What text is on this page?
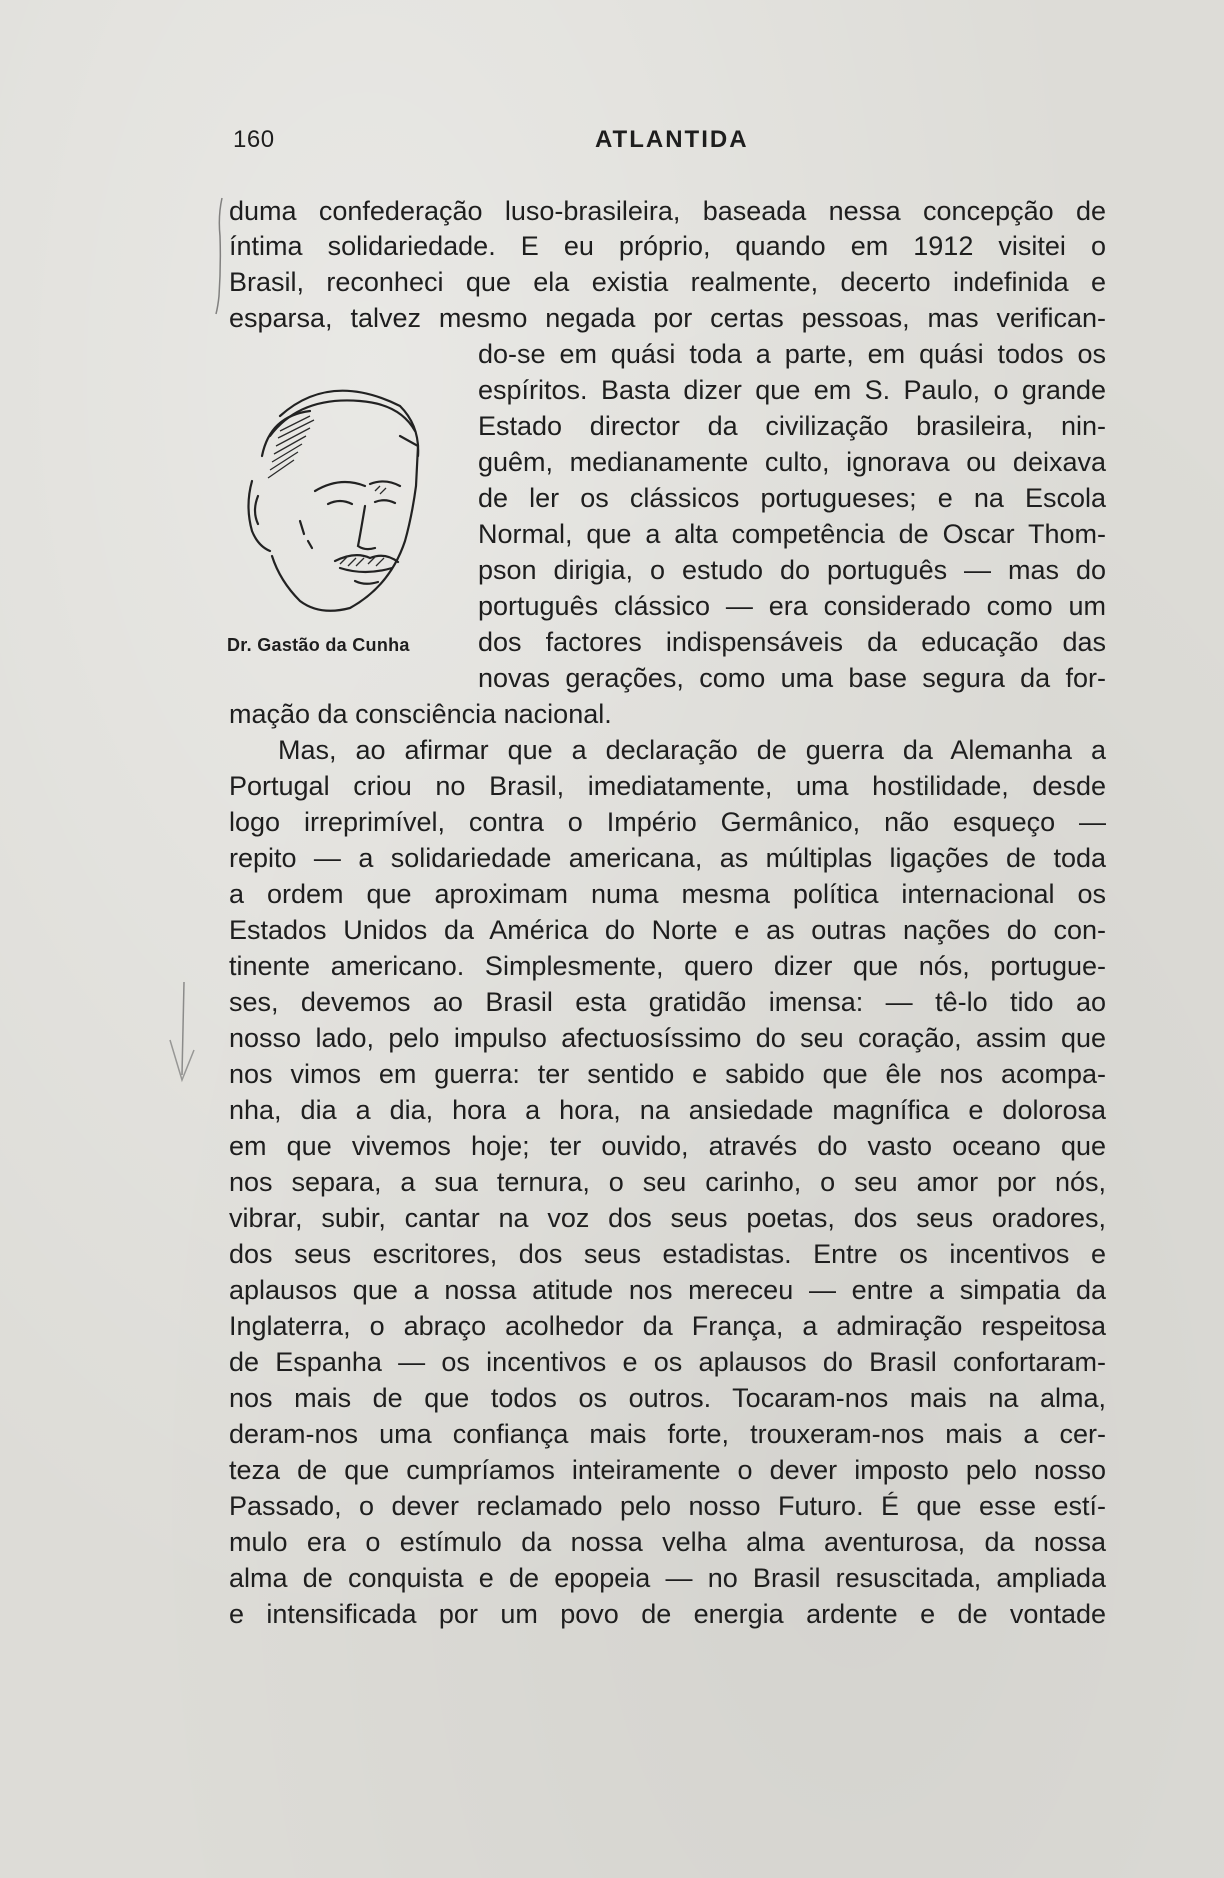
160	ATLANTIDA
Dr. Gastão da Cunha
duma confederação luso-brasileira, baseada nessa concepção de
íntima solidariedade. E eu próprio, quando em 1912 visitei o
Brasil, reconheci que ela existia realmente, decerto indefinida e
esparsa, talvez mesmo negada por certas pessoas, mas verifican-
do-se em quási toda a parte, em quási todos os
espíritos. Basta dizer que em S. Paulo, o grande
Estado director da civilização brasileira, nin-
guêm, medianamente culto, ignorava ou deixava
de ler os clássicos portugueses; e na Escola
Normal, que a alta competência de Oscar Thom-
pson dirigia, o estudo do português — mas do
português clássico — era considerado como um
dos factores indispensáveis da educação das
novas gerações, como uma base segura da for-
mação da consciência nacional.
Mas, ao afirmar que a declaração de guerra da Alemanha a
Portugal criou no Brasil, imediatamente, uma hostilidade, desde
logo irreprimível, contra o Império Germânico, não esqueço —
repito — a solidariedade americana, as múltiplas ligações de toda
a ordem que aproximam numa mesma política internacional os
Estados Unidos da América do Norte e as outras nações do con-
tinente americano. Simplesmente, quero dizer que nós, portugue-
ses, devemos ao Brasil esta gratidão imensa: — tê-lo tido ao
nosso lado, pelo impulso afectuosíssimo do seu coração, assim que
nos vimos em guerra: ter sentido e sabido que êle nos acompa-
nha, dia a dia, hora a hora, na ansiedade magnífica e dolorosa
em que vivemos hoje; ter ouvido, através do vasto oceano que
nos separa, a sua ternura, o seu carinho, o seu amor por nós,
vibrar, subir, cantar na voz dos seus poetas, dos seus oradores,
dos seus escritores, dos seus estadistas. Entre os incentivos e
aplausos que a nossa atitude nos mereceu — entre a simpatia da
Inglaterra, o abraço acolhedor da França, a admiração respeitosa
de Espanha — os incentivos e os aplausos do Brasil confortaram-
nos mais de que todos os outros. Tocaram-nos mais na alma,
deram-nos uma confiança mais forte, trouxeram-nos mais a cer-
teza de que cumpríamos inteiramente o dever imposto pelo nosso
Passado, o dever reclamado pelo nosso Futuro. É que esse estí-
mulo era o estímulo da nossa velha alma aventurosa, da nossa
alma de conquista e de epopeia — no Brasil resuscitada, ampliada
e intensificada por um povo de energia ardente e de vontade
